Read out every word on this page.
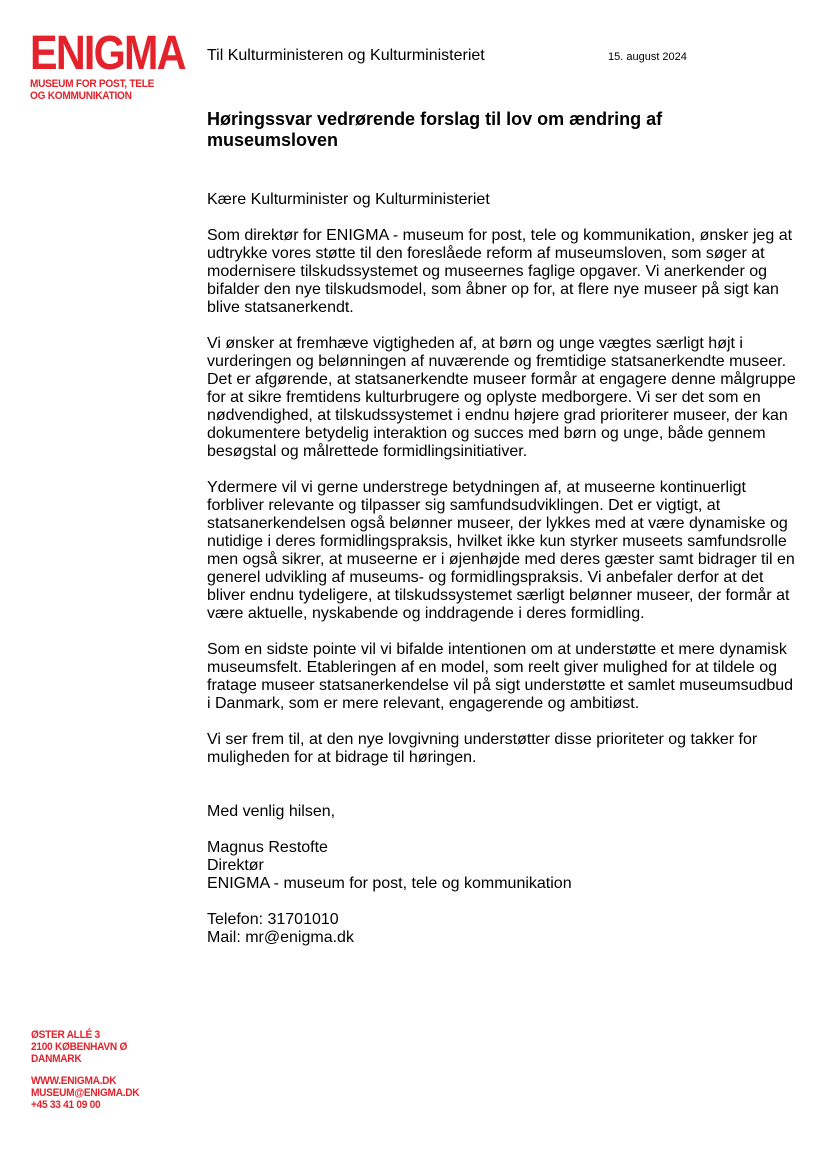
ENIGMA
MUSEUM FOR POST, TELE
OG KOMMUNIKATION
Til Kulturministeren og Kulturministeriet	15. august 2024
Høringssvar vedrørende forslag til lov om ændring af museumsloven

Kære Kulturminister og Kulturministeriet

Som direktør for ENIGMA - museum for post, tele og kommunikation, ønsker jeg at udtrykke vores støtte til den foreslåede reform af museumsloven, som søger at modernisere tilskudssystemet og museernes faglige opgaver. Vi anerkender og bifalder den nye tilskudsmodel, som åbner op for, at flere nye museer på sigt kan blive statsanerkendt.

Vi ønsker at fremhæve vigtigheden af, at børn og unge vægtes særligt højt i vurderingen og belønningen af nuværende og fremtidige statsanerkendte museer. Det er afgørende, at statsanerkendte museer formår at engagere denne målgruppe for at sikre fremtidens kulturbrugere og oplyste medborgere. Vi ser det som en nødvendighed, at tilskudssystemet i endnu højere grad prioriterer museer, der kan dokumentere betydelig interaktion og succes med børn og unge, både gennem besøgstal og målrettede formidlingsinitiativer.

Ydermere vil vi gerne understrege betydningen af, at museerne kontinuerligt forbliver relevante og tilpasser sig samfundsudviklingen. Det er vigtigt, at statsanerkendelsen også belønner museer, der lykkes med at være dynamiske og nutidige i deres formidlingspraksis, hvilket ikke kun styrker museets samfundsrolle men også sikrer, at museerne er i øjenhøjde med deres gæster samt bidrager til en generel udvikling af museums- og formidlingspraksis. Vi anbefaler derfor at det bliver endnu tydeligere, at tilskudssystemet særligt belønner museer, der formår at være aktuelle, nyskabende og inddragende i deres formidling.

Som en sidste pointe vil vi bifalde intentionen om at understøtte et mere dynamisk museumsfelt. Etableringen af en model, som reelt giver mulighed for at tildele og fratage museer statsanerkendelse vil på sigt understøtte et samlet museumsudbud i Danmark, som er mere relevant, engagerende og ambitiøst.

Vi ser frem til, at den nye lovgivning understøtter disse prioriteter og takker for muligheden for at bidrage til høringen.

Med venlig hilsen,

Magnus Restofte
Direktør
ENIGMA - museum for post, tele og kommunikation
Telefon: 31701010
Mail: mr@enigma.dk
ØSTER ALLÉ 3
2100 KØBENHAVN Ø
DANMARK
WWW.ENIGMA.DK
MUSEUM@ENIGMA.DK
+45 33 41 09 00
